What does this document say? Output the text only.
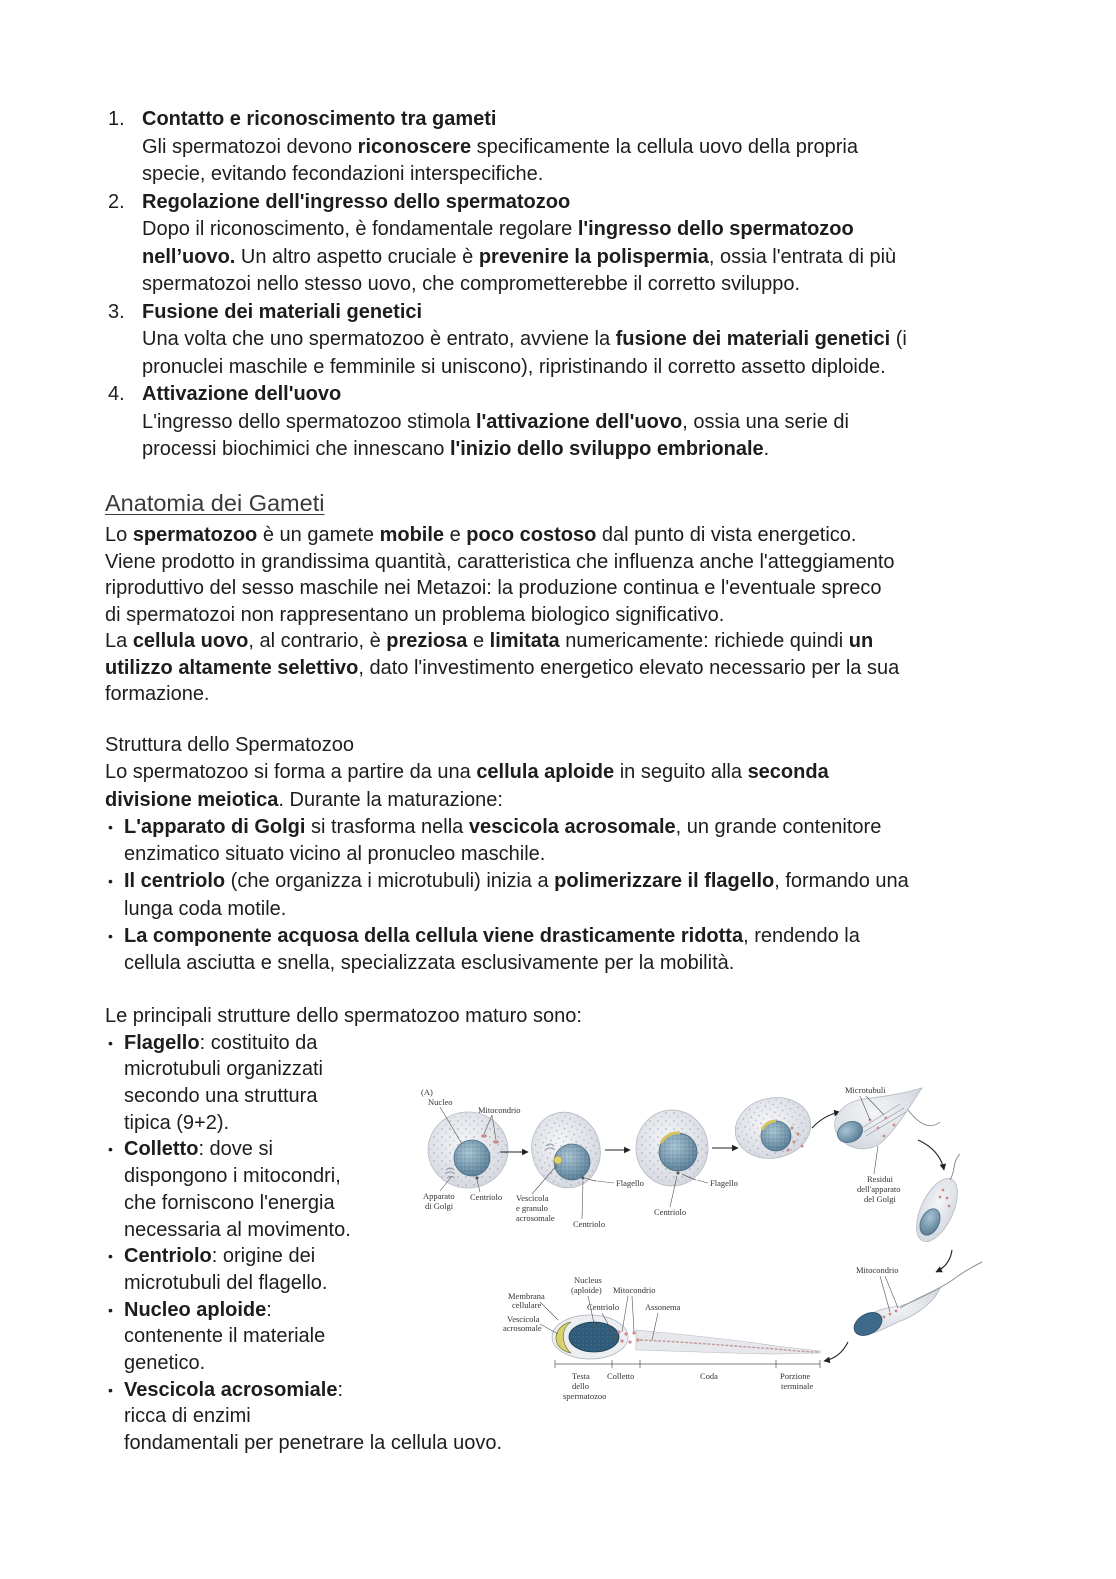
1. Contatto e riconoscimento tra gameti
Gli spermatozoi devono riconoscere specificamente la cellula uovo della propria
specie, evitando fecondazioni interspecifiche.
2. Regolazione dell'ingresso dello spermatozoo
Dopo il riconoscimento, è fondamentale regolare l'ingresso dello spermatozoo
nell’uovo. Un altro aspetto cruciale è prevenire la polispermia, ossia l'entrata di più
spermatozoi nello stesso uovo, che comprometterebbe il corretto sviluppo.
3. Fusione dei materiali genetici
Una volta che uno spermatozoo è entrato, avviene la fusione dei materiali genetici (i
pronuclei maschile e femminile si uniscono), ripristinando il corretto assetto diploide.
4. Attivazione dell'uovo
L'ingresso dello spermatozoo stimola l'attivazione dell'uovo, ossia una serie di
processi biochimici che innescano l'inizio dello sviluppo embrionale.
Anatomia dei Gameti
Lo spermatozoo è un gamete mobile e poco costoso dal punto di vista energetico.
Viene prodotto in grandissima quantità, caratteristica che influenza anche l'atteggiamento
riproduttivo del sesso maschile nei Metazoi: la produzione continua e l'eventuale spreco
di spermatozoi non rappresentano un problema biologico significativo.
La cellula uovo, al contrario, è preziosa e limitata numericamente: richiede quindi un
utilizzo altamente selettivo, dato l'investimento energetico elevato necessario per la sua
formazione.
Struttura dello Spermatozoo
Lo spermatozoo si forma a partire da una cellula aploide in seguito alla seconda
divisione meiotica. Durante la maturazione:
• L'apparato di Golgi si trasforma nella vescicola acrosomale, un grande contenitore
enzimatico situato vicino al pronucleo maschile.
• Il centriolo (che organizza i microtubuli) inizia a polimerizzare il flagello, formando una
lunga coda motile.
• La componente acquosa della cellula viene drasticamente ridotta, rendendo la
cellula asciutta e snella, specializzata esclusivamente per la mobilità.
Le principali strutture dello spermatozoo maturo sono:
• Flagello: costituito da
microtubuli organizzati
secondo una struttura
tipica (9+2).
• Colletto: dove si
dispongono i mitocondri,
che forniscono l'energia
necessaria al movimento.
• Centriolo: origine dei
microtubuli del flagello.
• Nucleo aploide:
contenente il materiale
genetico.
• Vescicola acrosomiale:
ricca di enzimi
fondamentali per penetrare la cellula uovo.
(A)
Nucleo
Mitocondrio
Apparato di Golgi
Centriolo Vescicola e granulo acrosomale
Centriolo
Flagello	Flagello
Centriolo
Microtubuli
Residui dell'apparato del Golgi
Mitocondrio
Nucleus (aploide) Mitocondrio
Membrana cellulare	Centriolo	Assonema
Vescicola acrosomale
Testa dello spermatozoo
Colletto	Coda	Porzione terminale
